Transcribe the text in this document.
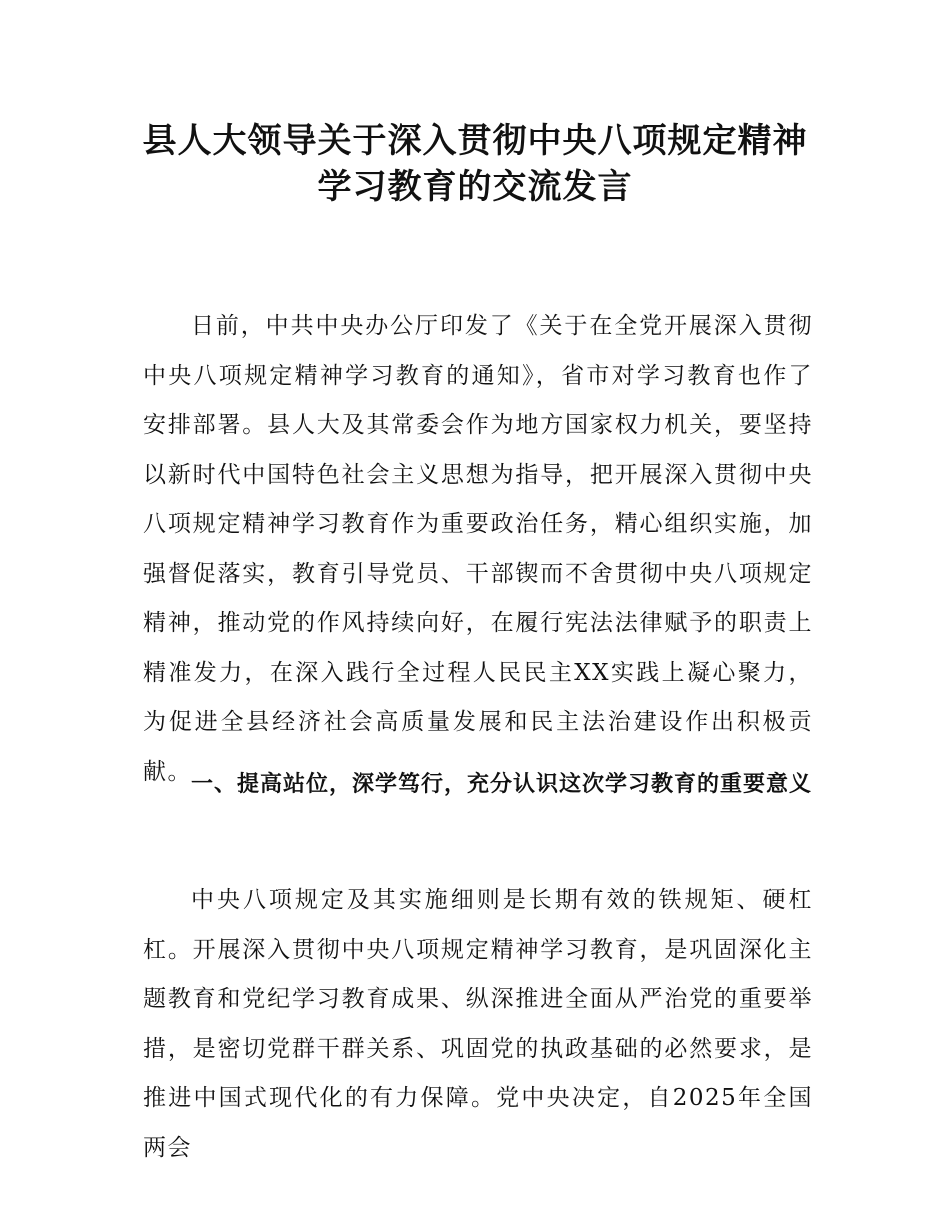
县人大领导关于深入贯彻中央八项规定精神
学习教育的交流发言

日前，中共中央办公厅印发了《关于在全党开展深入贯彻中央八项规定精神学习教育的通知》，省市对学习教育也作了安排部署。县人大及其常委会作为地方国家权力机关，要坚持以新时代中国特色社会主义思想为指导，把开展深入贯彻中央八项规定精神学习教育作为重要政治任务，精心组织实施，加强督促落实，教育引导党员、干部锲而不舍贯彻中央八项规定精神，推动党的作风持续向好，在履行宪法法律赋予的职责上精准发力，在深入践行全过程人民民主XX实践上凝心聚力，为促进全县经济社会高质量发展和民主法治建设作出积极贡献。 一、提高站位，深学笃行，充分认识这次学习教育的重要意义

中央八项规定及其实施细则是长期有效的铁规矩、硬杠杠。开展深入贯彻中央八项规定精神学习教育，是巩固深化主题教育和党纪学习教育成果、纵深推进全面从严治党的重要举措，是密切党群干群关系、巩固党的执政基础的必然要求，是推进中国式现代化的有力保障。党中央决定，自2025年全国两会
